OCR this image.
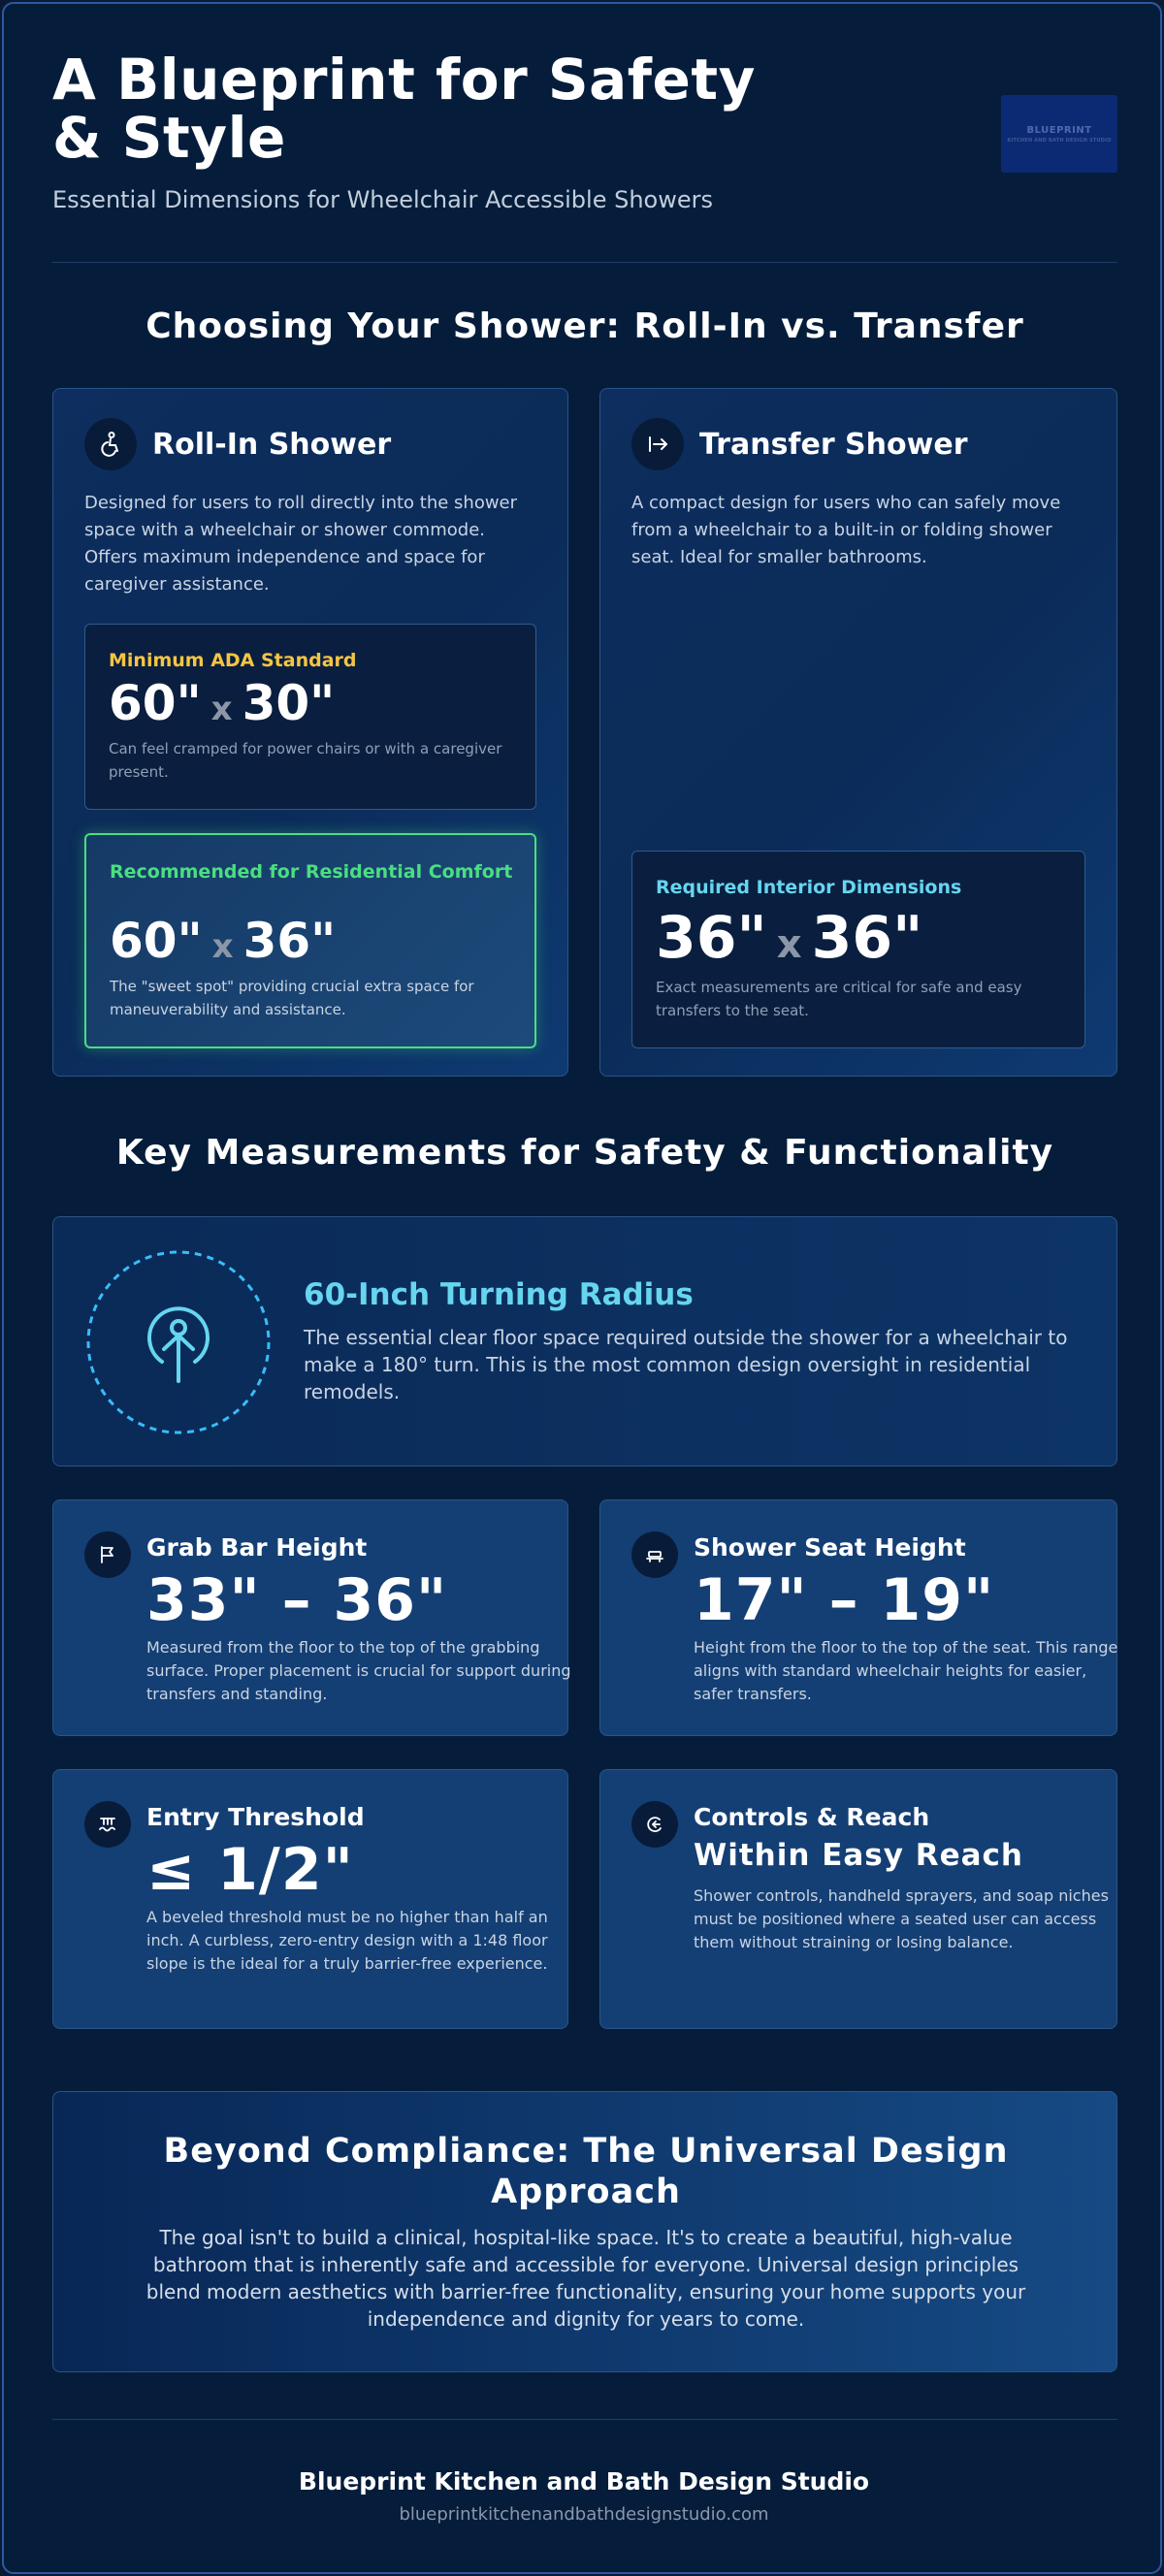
A Blueprint for Safety & Style
Essential Dimensions for Wheelchair Accessible Showers
BLUEPRINT
KITCHEN AND BATH DESIGN STUDIO
Choosing Your Shower: Roll-In vs. Transfer
Roll-In Shower
Designed for users to roll directly into the shower space with a wheelchair or shower commode. Offers maximum independence and space for caregiver assistance.
Minimum ADA Standard
60" x 30"
Can feel cramped for power chairs or with a caregiver present.
Recommended for Residential Comfort
60" x 36"
The "sweet spot" providing crucial extra space for maneuverability and assistance.
Transfer Shower
A compact design for users who can safely move from a wheelchair to a built-in or folding shower seat. Ideal for smaller bathrooms.
Required Interior Dimensions
36" x 36"
Exact measurements are critical for safe and easy transfers to the seat.
Key Measurements for Safety & Functionality
60-Inch Turning Radius
The essential clear floor space required outside the shower for a wheelchair to make a 180° turn. This is the most common design oversight in residential remodels.
Grab Bar Height
33" – 36"
Measured from the floor to the top of the grabbing surface. Proper placement is crucial for support during transfers and standing.
Shower Seat Height
17" – 19"
Height from the floor to the top of the seat. This range aligns with standard wheelchair heights for easier, safer transfers.
Entry Threshold
≤ 1/2"
A beveled threshold must be no higher than half an inch. A curbless, zero-entry design with a 1:48 floor slope is the ideal for a truly barrier-free experience.
Controls & Reach
Within Easy Reach
Shower controls, handheld sprayers, and soap niches must be positioned where a seated user can access them without straining or losing balance.
Beyond Compliance: The Universal Design Approach
The goal isn't to build a clinical, hospital-like space. It's to create a beautiful, high-value bathroom that is inherently safe and accessible for everyone. Universal design principles blend modern aesthetics with barrier-free functionality, ensuring your home supports your independence and dignity for years to come.
Blueprint Kitchen and Bath Design Studio
blueprintkitchenandbathdesignstudio.com
